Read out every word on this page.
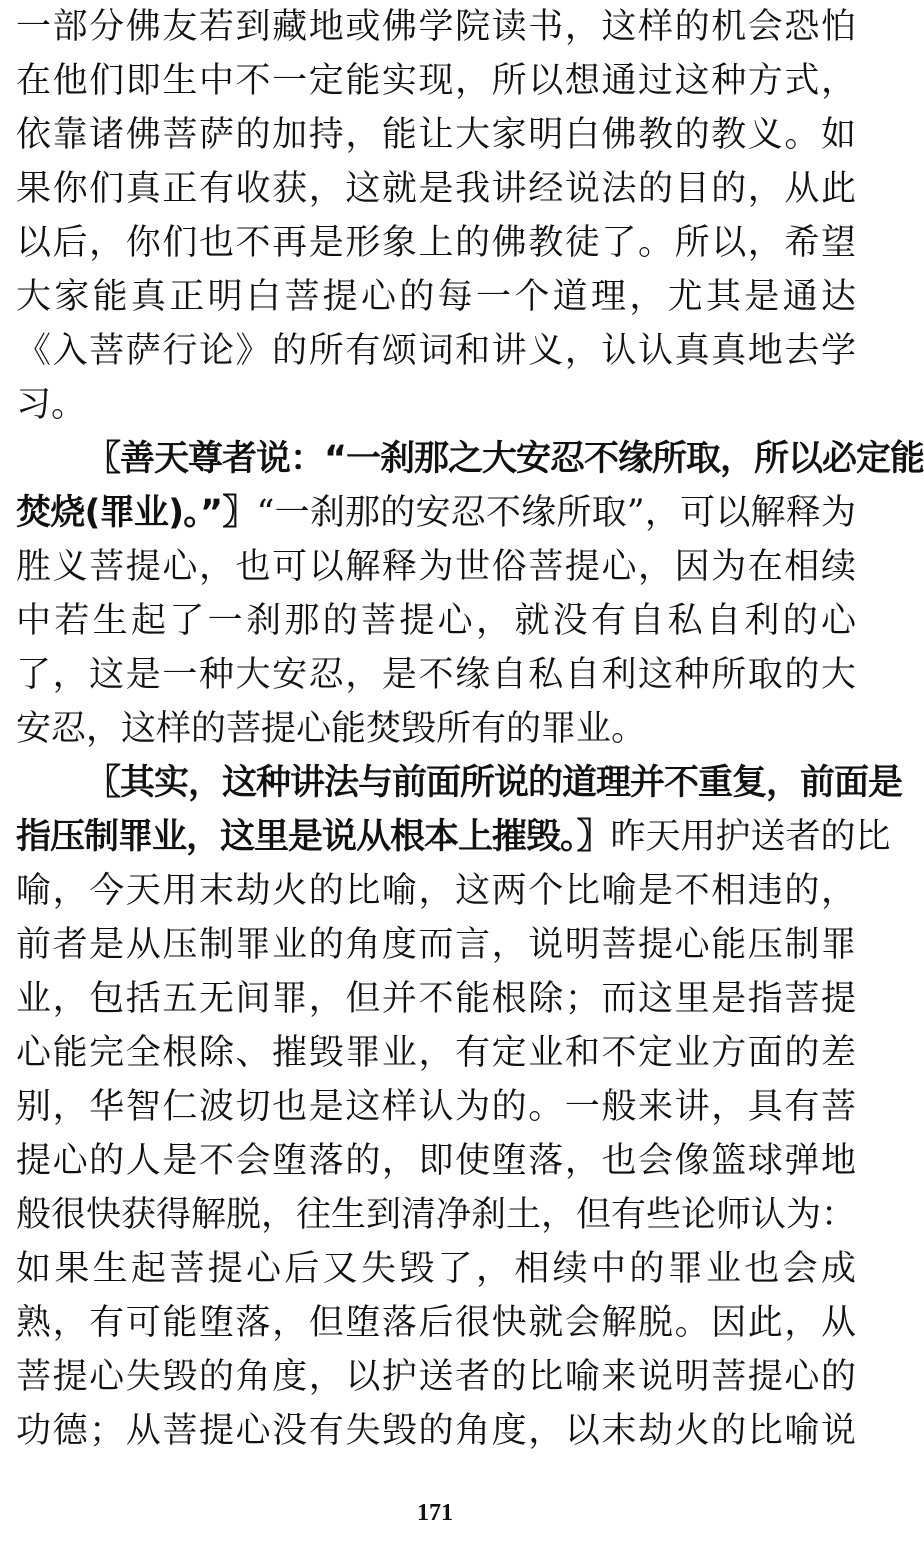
一部分佛友若到藏地或佛学院读书，这样的机会恐怕
在他们即生中不一定能实现，所以想通过这种方式，
依靠诸佛菩萨的加持，能让大家明白佛教的教义。如
果你们真正有收获，这就是我讲经说法的目的，从此
以后，你们也不再是形象上的佛教徒了。所以，希望
大家能真正明白菩提心的每一个道理，尤其是通达
《入菩萨行论》的所有颂词和讲义，认认真真地去学
习。
〖善天尊者说：“一刹那之大安忍不缘所取，所以必定能
焚烧(罪业)。”〗“一刹那的安忍不缘所取”，可以解释为
胜义菩提心，也可以解释为世俗菩提心，因为在相续
中若生起了一刹那的菩提心，就没有自私自利的心
了，这是一种大安忍，是不缘自私自利这种所取的大
安忍，这样的菩提心能焚毁所有的罪业。
〖其实，这种讲法与前面所说的道理并不重复，前面是
指压制罪业，这里是说从根本上摧毁。〗昨天用护送者的比
喻，今天用末劫火的比喻，这两个比喻是不相违的，
前者是从压制罪业的角度而言，说明菩提心能压制罪
业，包括五无间罪，但并不能根除；而这里是指菩提
心能完全根除、摧毁罪业，有定业和不定业方面的差
别，华智仁波切也是这样认为的。一般来讲，具有菩
提心的人是不会堕落的，即使堕落，也会像篮球弹地
般很快获得解脱，往生到清净刹土，但有些论师认为：
如果生起菩提心后又失毁了，相续中的罪业也会成
熟，有可能堕落，但堕落后很快就会解脱。因此，从
菩提心失毁的角度，以护送者的比喻来说明菩提心的
功德；从菩提心没有失毁的角度，以末劫火的比喻说
171
